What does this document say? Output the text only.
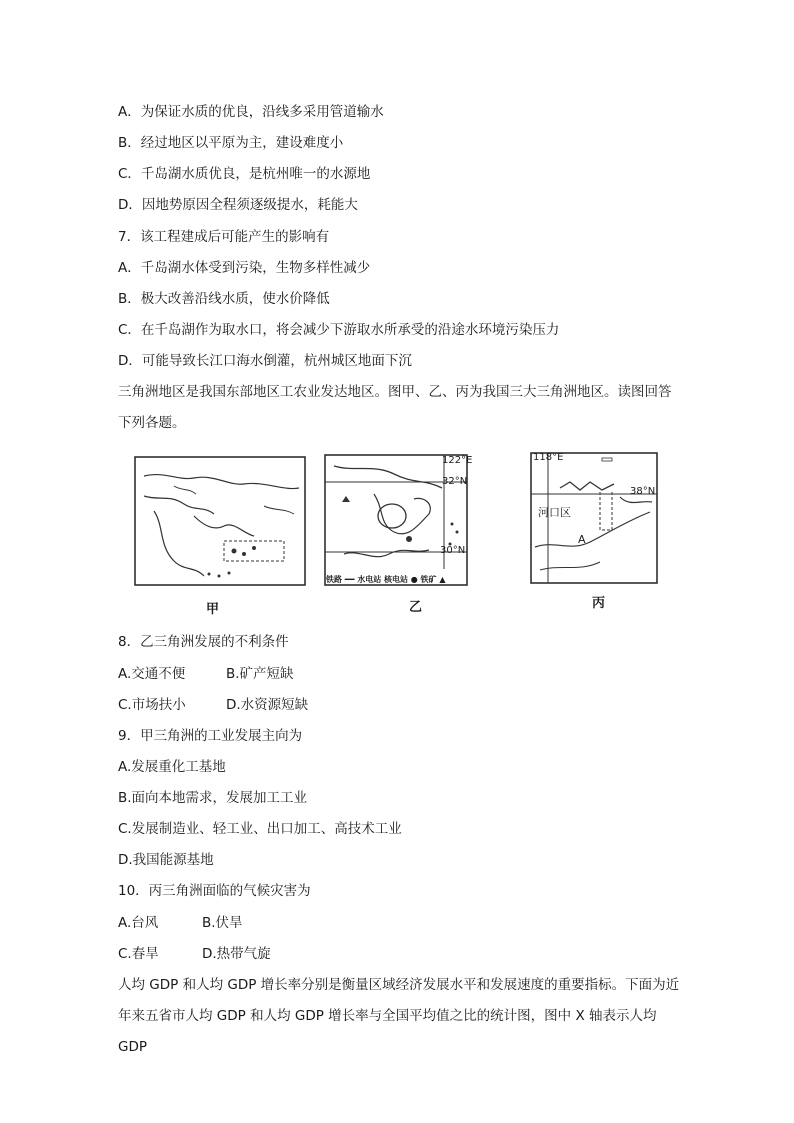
A．为保证水质的优良，沿线多采用管道输水
B．经过地区以平原为主，建设难度小
C．千岛湖水质优良，是杭州唯一的水源地
D．因地势原因全程须逐级提水，耗能大
7．该工程建成后可能产生的影响有
A．千岛湖水体受到污染，生物多样性减少
B．极大改善沿线水质，使水价降低
C．在千岛湖作为取水口，将会减少下游取水所承受的沿途水环境污染压力
D．可能导致长江口海水倒灌，杭州城区地面下沉
三角洲地区是我国东部地区工农业发达地区。图甲、乙、丙为我国三大三角洲地区。读图回答下列各题。
甲
122°E
32°N
30°N
铁路 ━━ 水电站 核电站 ● 铁矿 ▲
乙
118°E
38°N
河口区
A
丙
8．乙三角洲发展的不利条件
A.交通不便	B.矿产短缺
C.市场扶小	D.水资源短缺
9．甲三角洲的工业发展主向为
A.发展重化工基地
B.面向本地需求，发展加工工业
C.发展制造业、轻工业、出口加工、高技术工业
D.我国能源基地
10．丙三角洲面临的气候灾害为
A.台风	B.伏旱
C.春旱	D.热带气旋
人均 GDP 和人均 GDP 增长率分别是衡量区域经济发展水平和发展速度的重要指标。下面为近年来五省市人均 GDP 和人均 GDP 增长率与全国平均值之比的统计图，图中 X 轴表示人均 GDP
